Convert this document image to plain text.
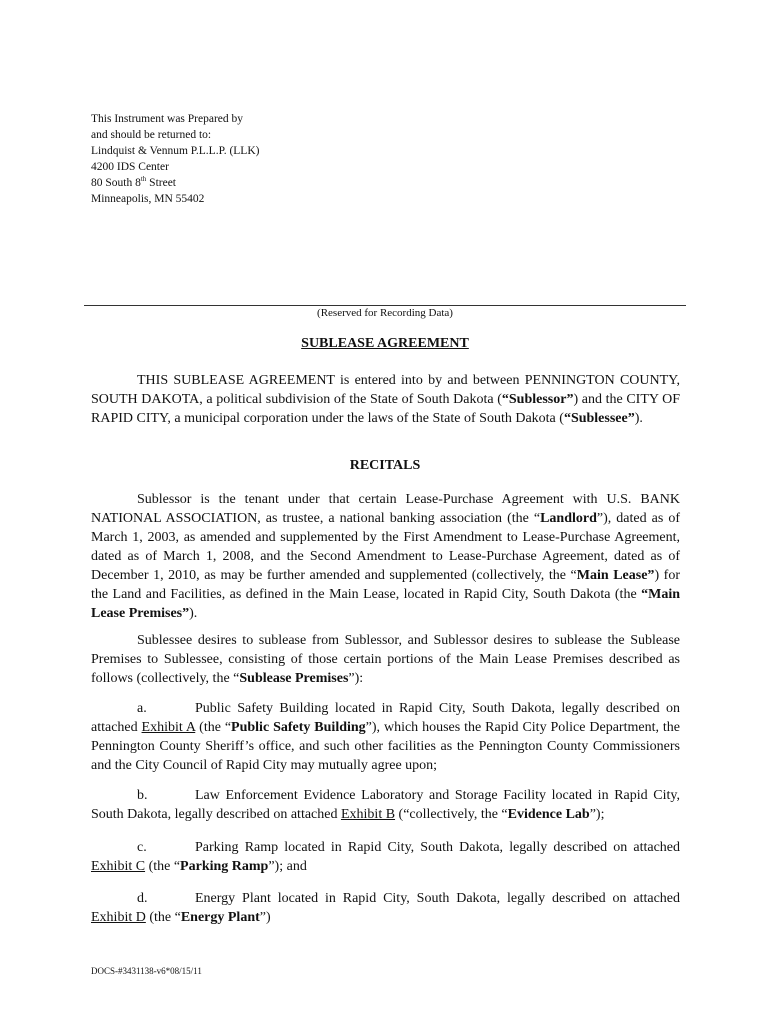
This Instrument was Prepared by
and should be returned to:
Lindquist & Vennum P.L.L.P. (LLK)
4200 IDS Center
80 South 8th Street
Minneapolis, MN 55402
(Reserved for Recording Data)
SUBLEASE AGREEMENT
THIS SUBLEASE AGREEMENT is entered into by and between PENNINGTON COUNTY, SOUTH DAKOTA, a political subdivision of the State of South Dakota (“Sublessor”) and the CITY OF RAPID CITY, a municipal corporation under the laws of the State of South Dakota (“Sublessee”).
RECITALS
Sublessor is the tenant under that certain Lease-Purchase Agreement with U.S. BANK NATIONAL ASSOCIATION, as trustee, a national banking association (the “Landlord”), dated as of March 1, 2003, as amended and supplemented by the First Amendment to Lease-Purchase Agreement, dated as of March 1, 2008, and the Second Amendment to Lease-Purchase Agreement, dated as of December 1, 2010, as may be further amended and supplemented (collectively, the “Main Lease”) for the Land and Facilities, as defined in the Main Lease, located in Rapid City, South Dakota (the “Main Lease Premises”).
Sublessee desires to sublease from Sublessor, and Sublessor desires to sublease the Sublease Premises to Sublessee, consisting of those certain portions of the Main Lease Premises described as follows (collectively, the “Sublease Premises”):
a.	Public Safety Building located in Rapid City, South Dakota, legally described on attached Exhibit A (the “Public Safety Building”), which houses the Rapid City Police Department, the Pennington County Sheriff’s office, and such other facilities as the Pennington County Commissioners and the City Council of Rapid City may mutually agree upon;
b.	Law Enforcement Evidence Laboratory and Storage Facility located in Rapid City, South Dakota, legally described on attached Exhibit B (“collectively, the “Evidence Lab”);
c.	Parking Ramp located in Rapid City, South Dakota, legally described on attached Exhibit C (the “Parking Ramp”); and
d.	Energy Plant located in Rapid City, South Dakota, legally described on attached Exhibit D (the “Energy Plant”)
DOCS-#3431138-v6*08/15/11
